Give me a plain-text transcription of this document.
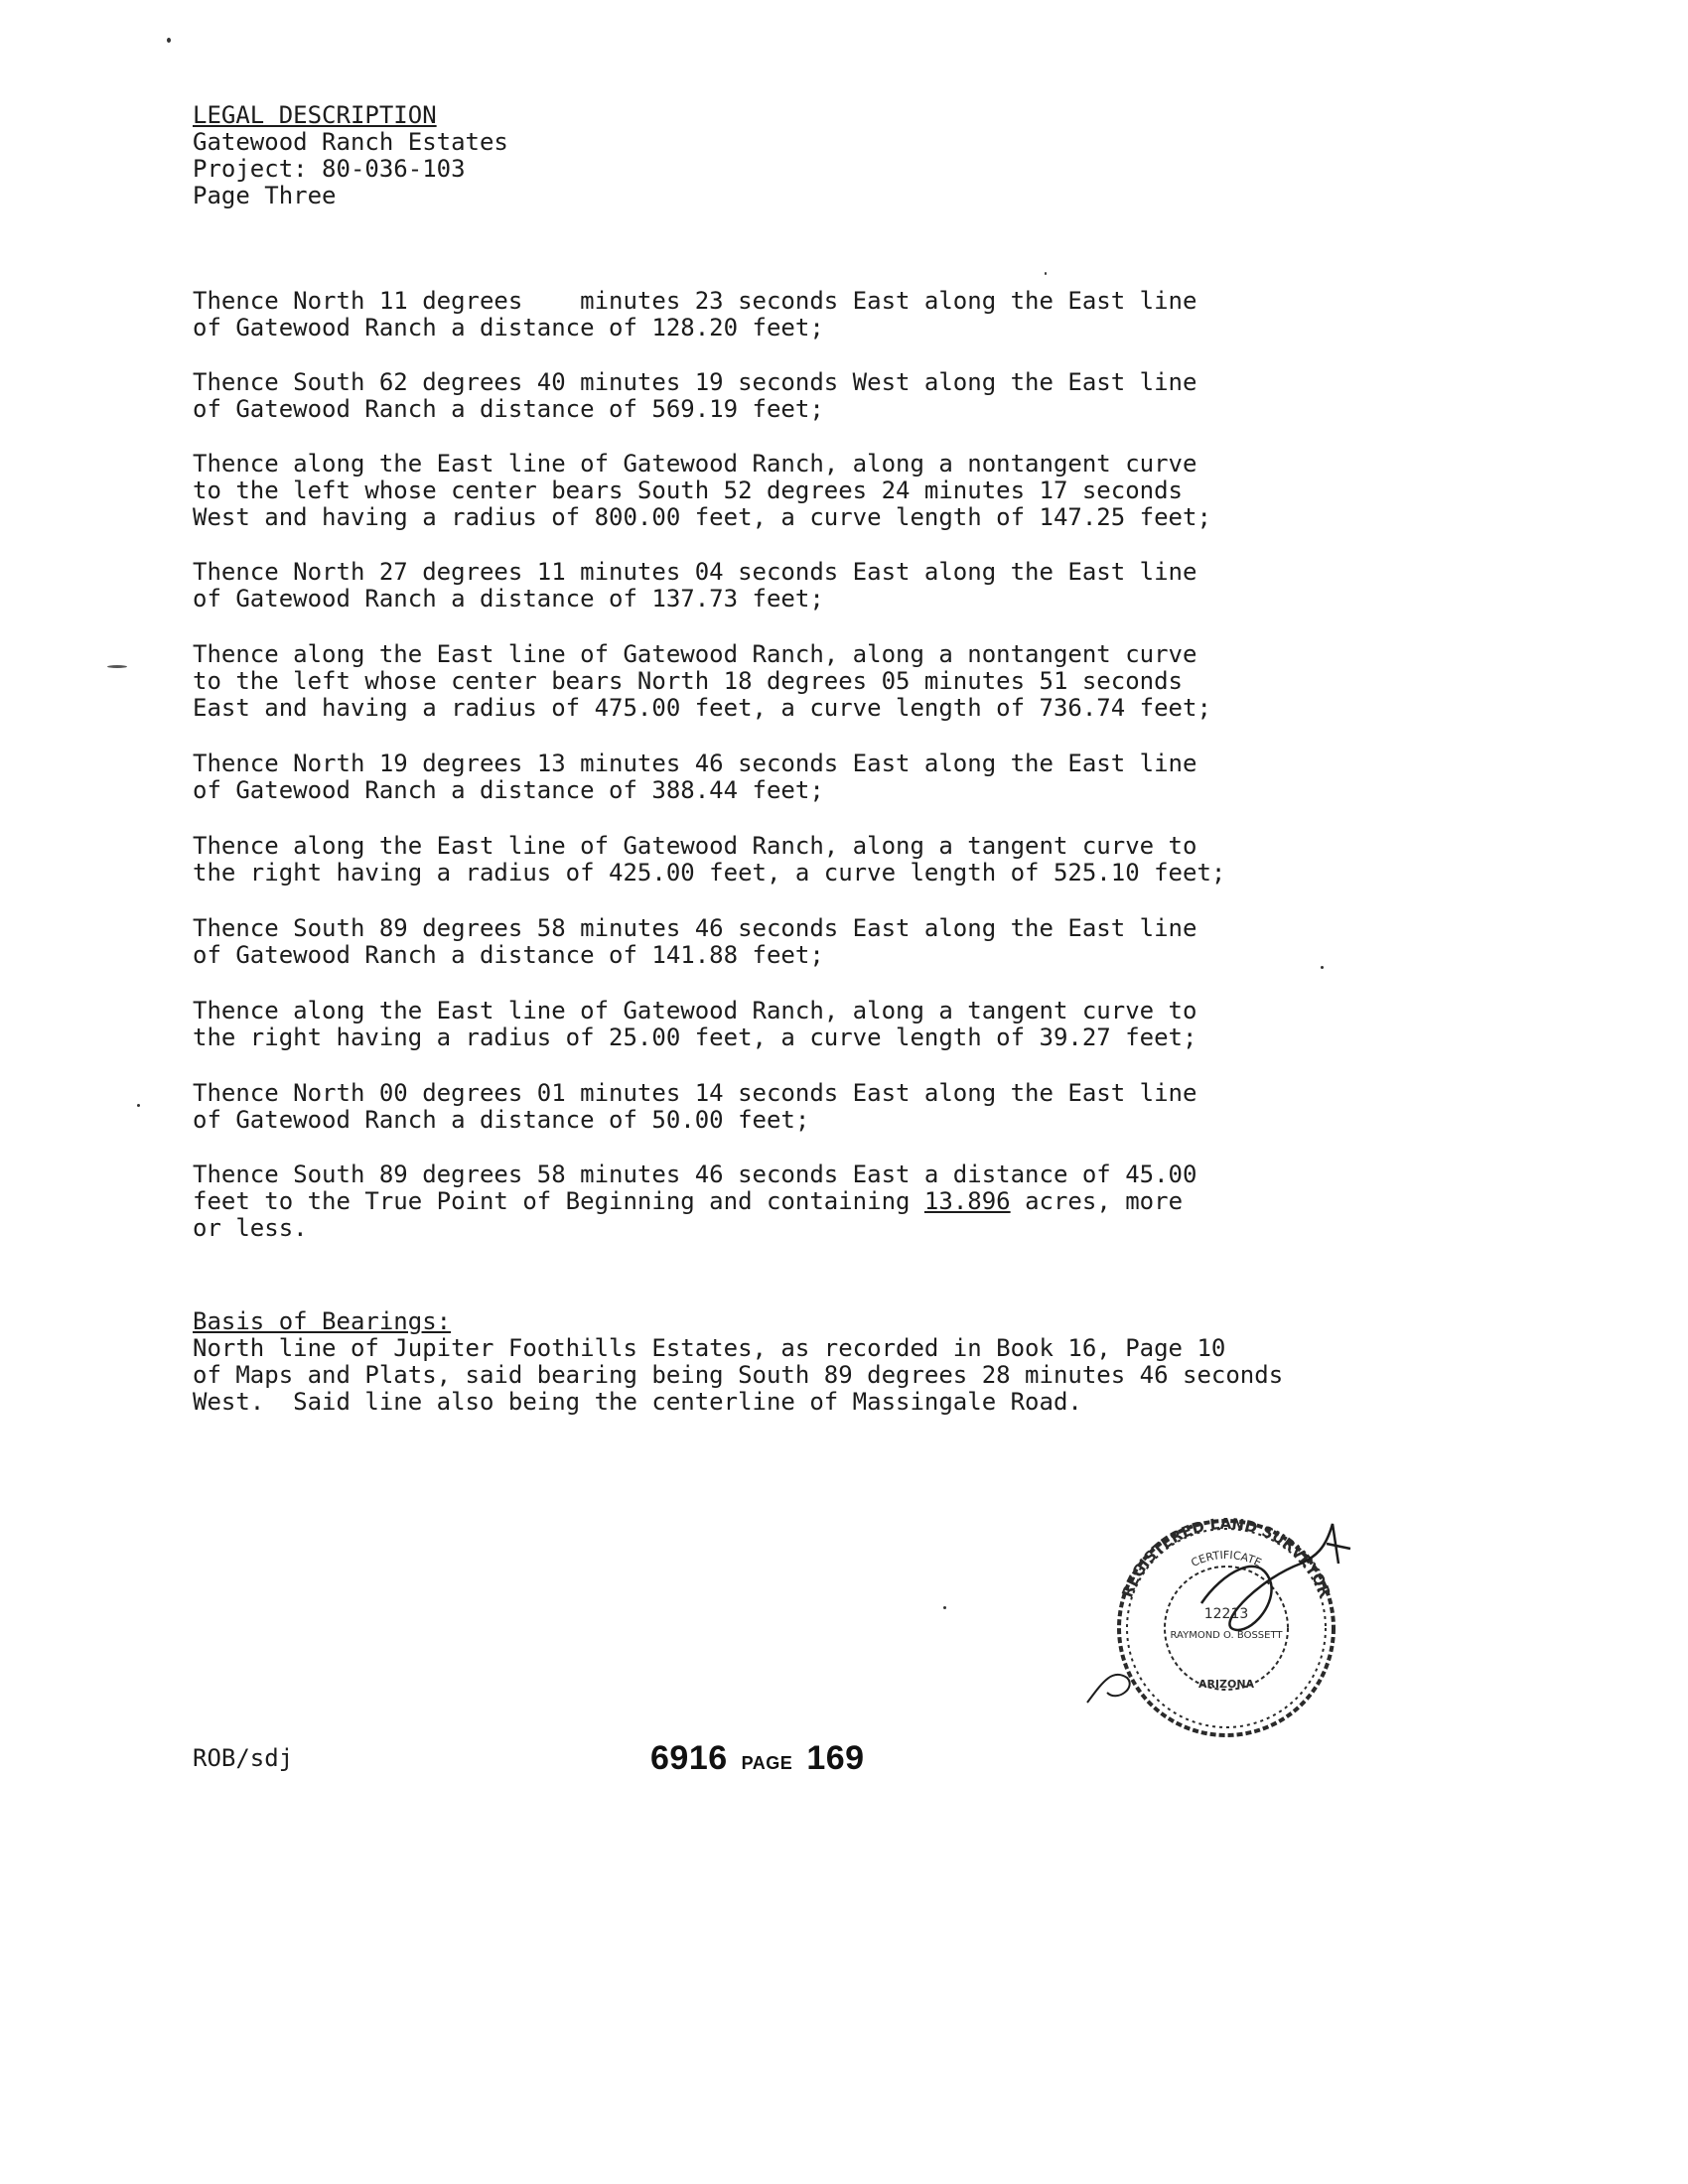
LEGAL DESCRIPTION
Gatewood Ranch Estates
Project: 80-036-103
Page Three
Thence North 11 degrees    minutes 23 seconds East along the East line
of Gatewood Ranch a distance of 128.20 feet;
Thence South 62 degrees 40 minutes 19 seconds West along the East line
of Gatewood Ranch a distance of 569.19 feet;
Thence along the East line of Gatewood Ranch, along a nontangent curve
to the left whose center bears South 52 degrees 24 minutes 17 seconds
West and having a radius of 800.00 feet, a curve length of 147.25 feet;
Thence North 27 degrees 11 minutes 04 seconds East along the East line
of Gatewood Ranch a distance of 137.73 feet;
Thence along the East line of Gatewood Ranch, along a nontangent curve
to the left whose center bears North 18 degrees 05 minutes 51 seconds
East and having a radius of 475.00 feet, a curve length of 736.74 feet;
Thence North 19 degrees 13 minutes 46 seconds East along the East line
of Gatewood Ranch a distance of 388.44 feet;
Thence along the East line of Gatewood Ranch, along a tangent curve to
the right having a radius of 425.00 feet, a curve length of 525.10 feet;
Thence South 89 degrees 58 minutes 46 seconds East along the East line
of Gatewood Ranch a distance of 141.88 feet;
Thence along the East line of Gatewood Ranch, along a tangent curve to
the right having a radius of 25.00 feet, a curve length of 39.27 feet;
Thence North 00 degrees 01 minutes 14 seconds East along the East line
of Gatewood Ranch a distance of 50.00 feet;
Thence South 89 degrees 58 minutes 46 seconds East a distance of 45.00
feet to the True Point of Beginning and containing 13.896 acres, more
or less.
Basis of Bearings:
North line of Jupiter Foothills Estates, as recorded in Book 16, Page 10
of Maps and Plats, said bearing being South 89 degrees 28 minutes 46 seconds
West.  Said line also being the centerline of Massingale Road.
ROB/sdj	6916 PAGE 169
REGISTERED LAND SURVEYOR
CERTIFICATE
12213
RAYMOND O. BOSSETT
ARIZONA
